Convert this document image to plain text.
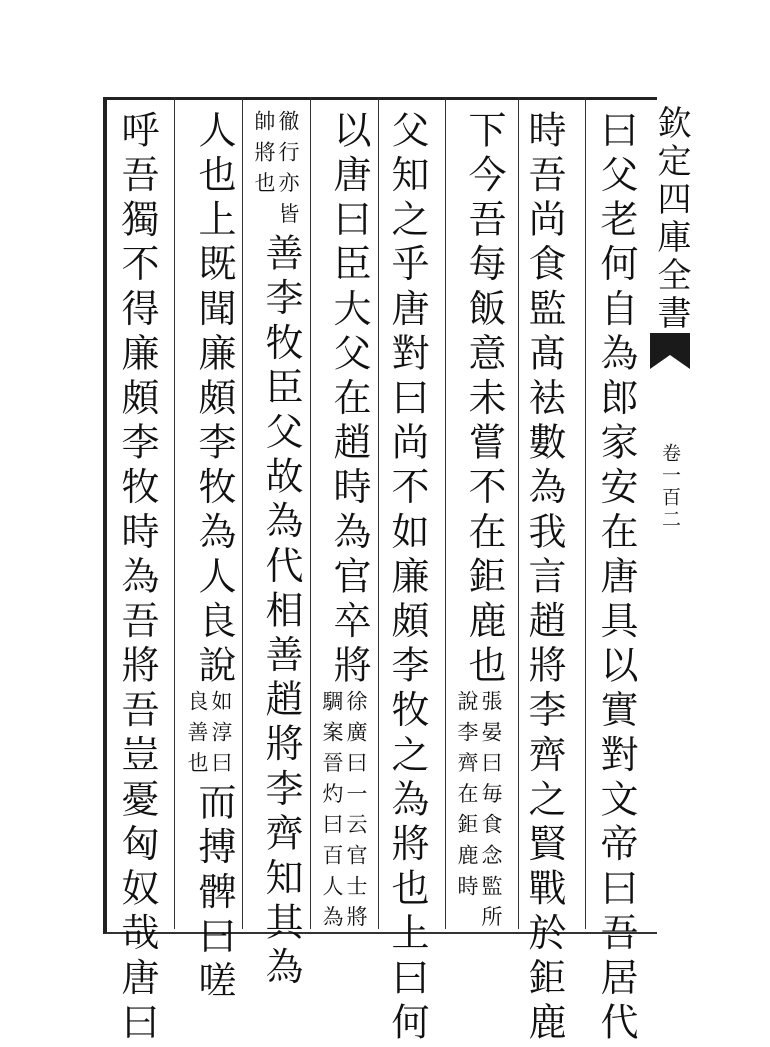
欽定四庫全書
卷一百二
曰父老何自為郎家安在唐具以實對文帝曰吾居代
時吾尚食監髙袪數為我言趙將李齊之賢戰於鉅鹿
下今吾每飯意未嘗不在鉅鹿也張晏曰毎食念監所說李齊在鉅鹿時
父知之乎唐對曰尚不如廉頗李牧之為將也上曰何
以唐曰臣大父在趙時為官卒將徐廣曰一云官士將騆案晉灼曰百人為
徹行亦皆帥將也善李牧臣父故為代相善趙將李齊知其為
人也上既聞廉頗李牧為人良說如淳曰良善也而搏髀曰嗟
呼吾獨不得廉頗李牧時為吾將吾豈憂匈奴哉唐曰
